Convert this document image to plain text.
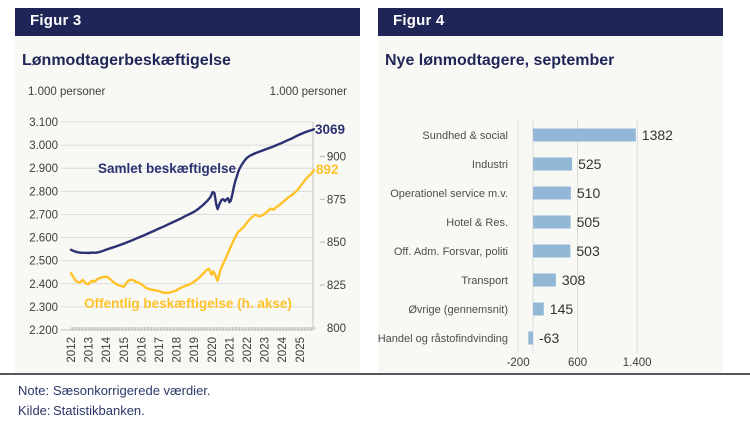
Figur 3
Lønmodtagerbeskæftigelse
1.000 personer	1.000 personer
2.200
2.300
2.400
2.500
2.600
2.700
2.800
2.900
3.000
3.100
800
825
850
875
900
2012 2013 2014 2015 2016 2017 2018 2019 2020 2021 2022 2023 2024 2025
Samlet beskæftigelse
3069
Offentlig beskæftigelse (h. akse)
892
Figur 4
Nye lønmodtagere, september
-200	600	1.400
Sundhed & social	1382
Industri	525
Operationel service m.v.	510
Hotel & Res.	505
Off. Adm. Forsvar, politi	503
Transport	308
Øvrige (gennemsnit)	145
Handel og råstofindvinding -63
Note: Sæsonkorrigerede værdier.
Kilde: Statistikbanken.
